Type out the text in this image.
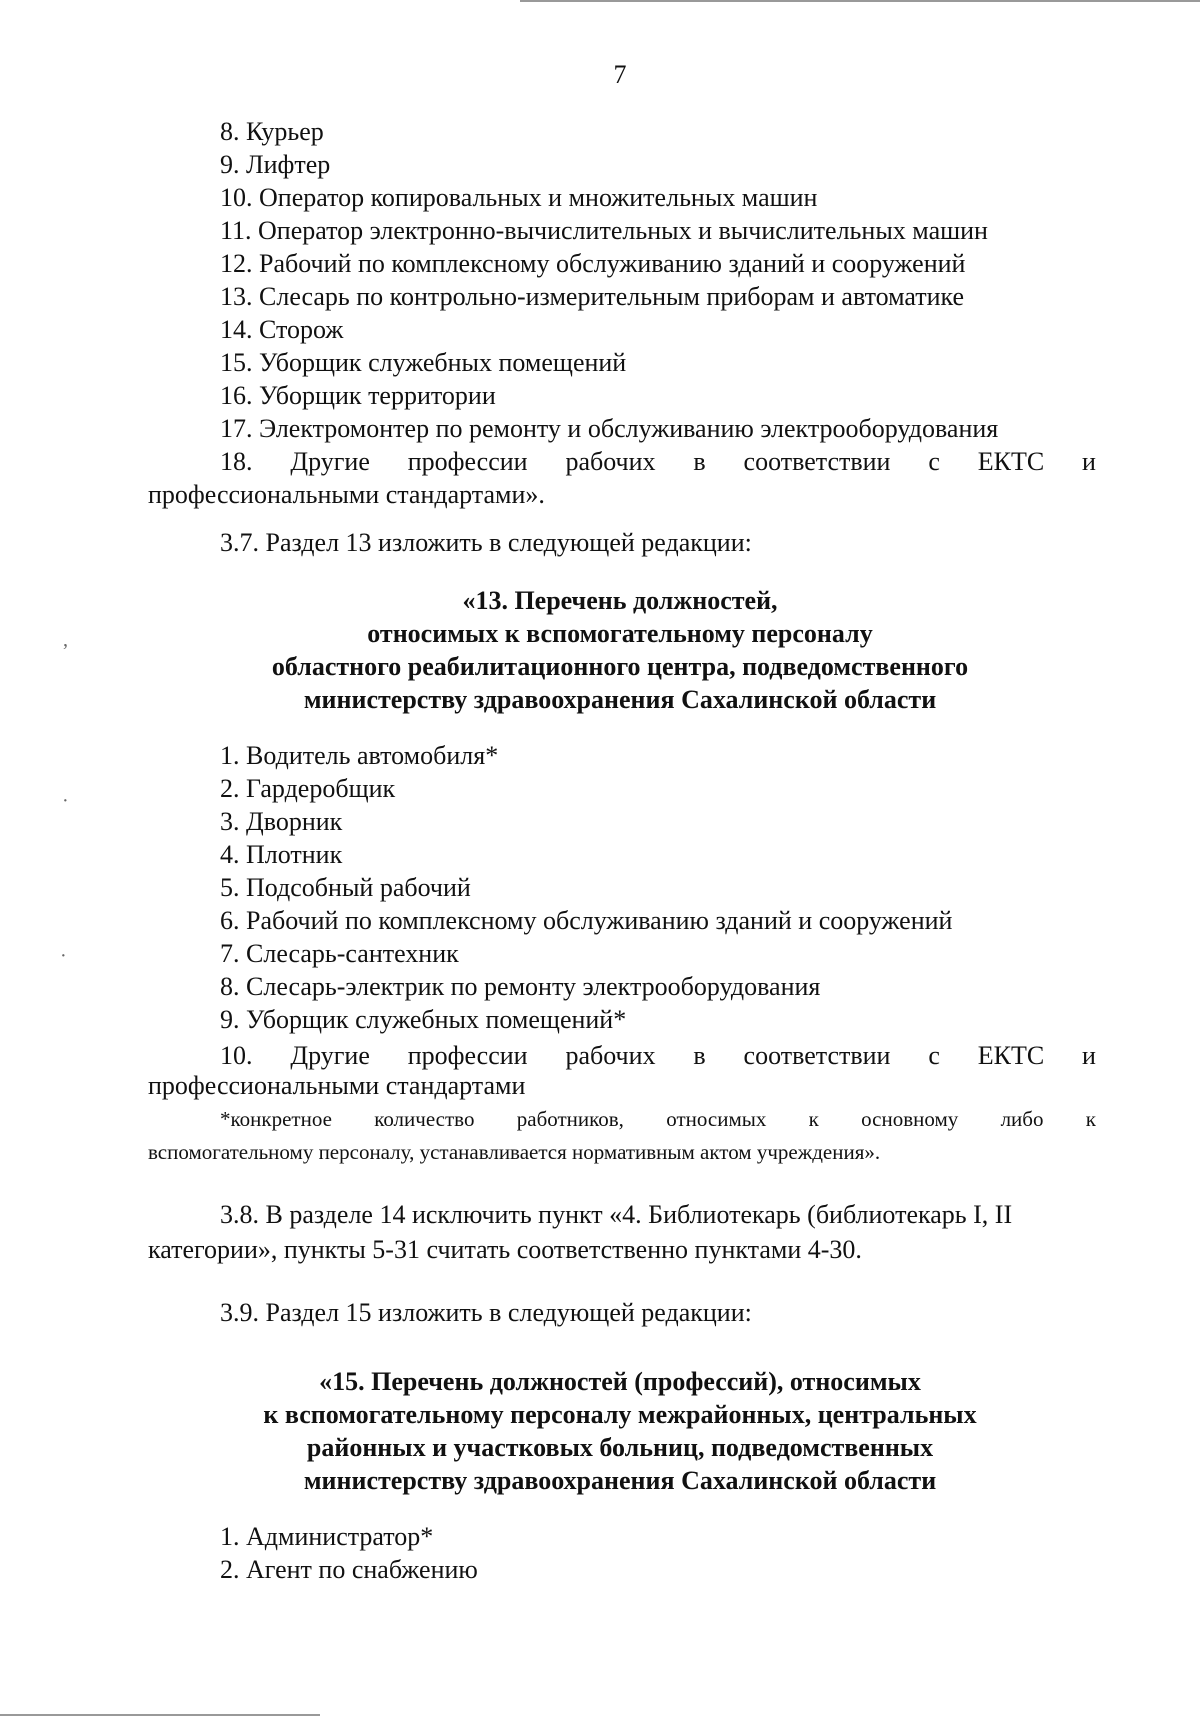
7
8. Курьер
9. Лифтер
10. Оператор копировальных и множительных машин
11. Оператор электронно-вычислительных и вычислительных машин
12. Рабочий по комплексному обслуживанию зданий и сооружений
13. Слесарь по контрольно-измерительным приборам и автоматике
14. Сторож
15. Уборщик служебных помещений
16. Уборщик территории
17. Электромонтер по ремонту и обслуживанию электрооборудования
18. Другие профессии рабочих в соответствии с ЕКТС и
профессиональными стандартами».
3.7. Раздел 13 изложить в следующей редакции:
«13. Перечень должностей,
относимых к вспомогательному персоналу
областного реабилитационного центра, подведомственного
министерству здравоохранения Сахалинской области
1. Водитель автомобиля*
2. Гардеробщик
3. Дворник
4. Плотник
5. Подсобный рабочий
6. Рабочий по комплексному обслуживанию зданий и сооружений
7. Слесарь-сантехник
8. Слесарь-электрик по ремонту электрооборудования
9. Уборщик служебных помещений*
10. Другие профессии рабочих в соответствии с ЕКТС и
профессиональными стандартами
*конкретное количество работников, относимых к основному либо к
вспомогательному персоналу, устанавливается нормативным актом учреждения».
3.8. В разделе 14 исключить пункт «4. Библиотекарь (библиотекарь I, II
категории», пункты 5-31 считать соответственно пунктами 4-30.
3.9. Раздел 15 изложить в следующей редакции:
«15. Перечень должностей (профессий), относимых
к вспомогательному персоналу межрайонных, центральных
районных и участковых больниц, подведомственных
министерству здравоохранения Сахалинской области
1. Администратор*
2. Агент по снабжению
’
·
·
